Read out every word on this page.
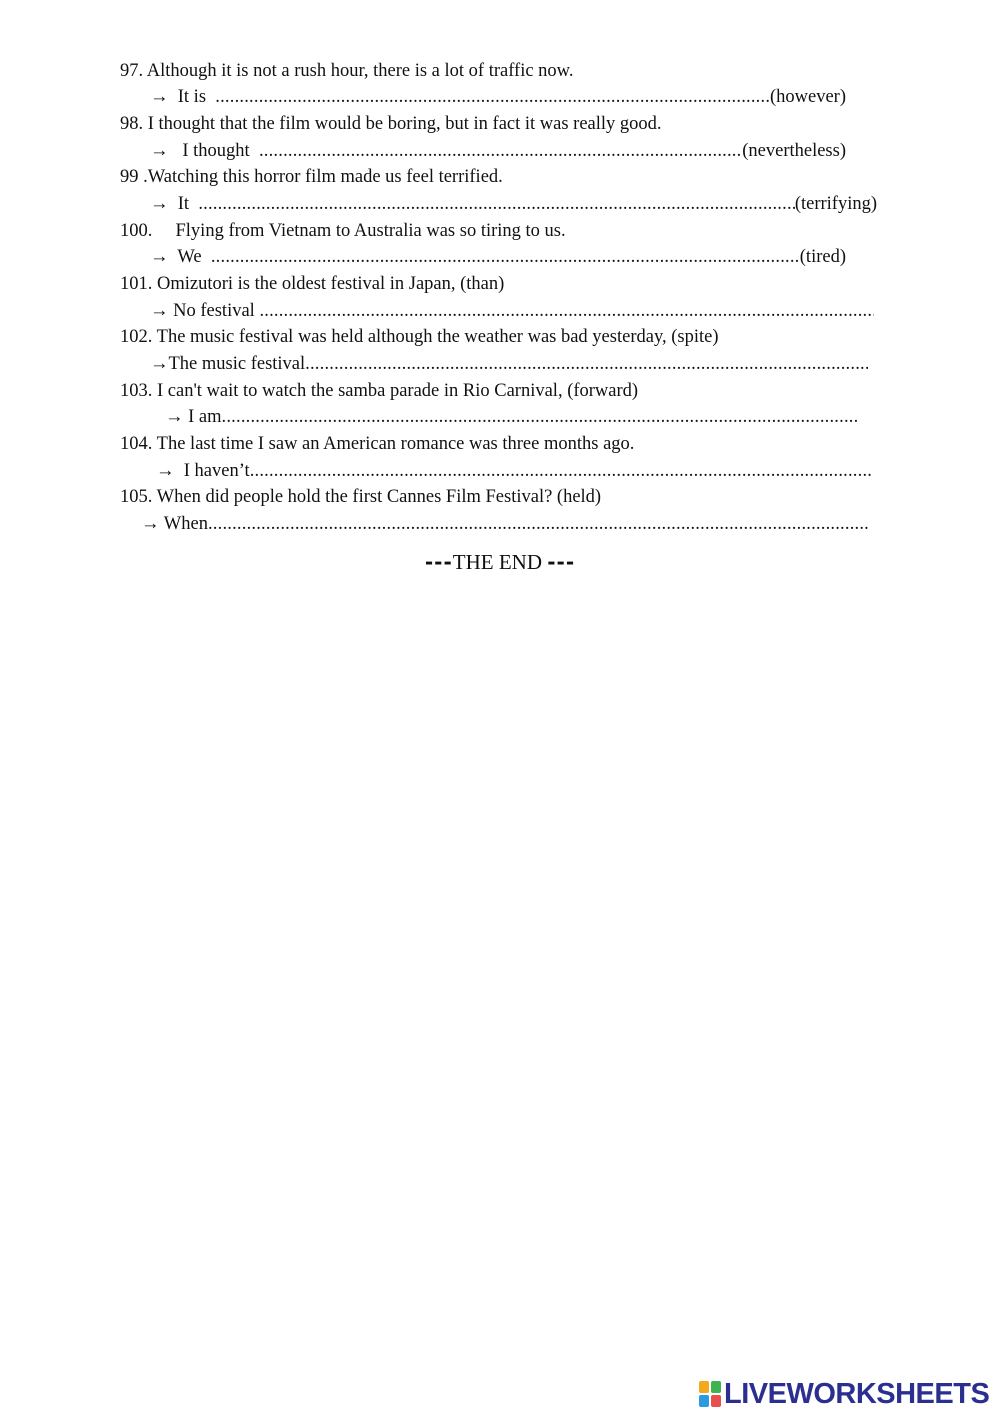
97. Although it is not a rush hour, there is a lot of traffic now.
→  It is .....	(however)
98. I thought that the film would be boring, but in fact it was really good.
→   I thought .....	(nevertheless)
99 .Watching this horror film made us feel terrified.
→  It .....	(terrifying)
100.     Flying from Vietnam to Australia was so tiring to us.
→  We .....	(tired)
101. Omizutori is the oldest festival in Japan, (than)
→ No festival
.....
102. The music festival was held although the weather was bad yesterday, (spite)
→The music festival
.....
103. I can't wait to watch the samba parade in Rio Carnival, (forward)
→ I am
.....
104. The last time I saw an American romance was three months ago.
→  I haven’t
.....
105. When did people hold the first Cannes Film Festival? (held)
→ When
.....
---THE END ---
LIVEWORKSHEETS
